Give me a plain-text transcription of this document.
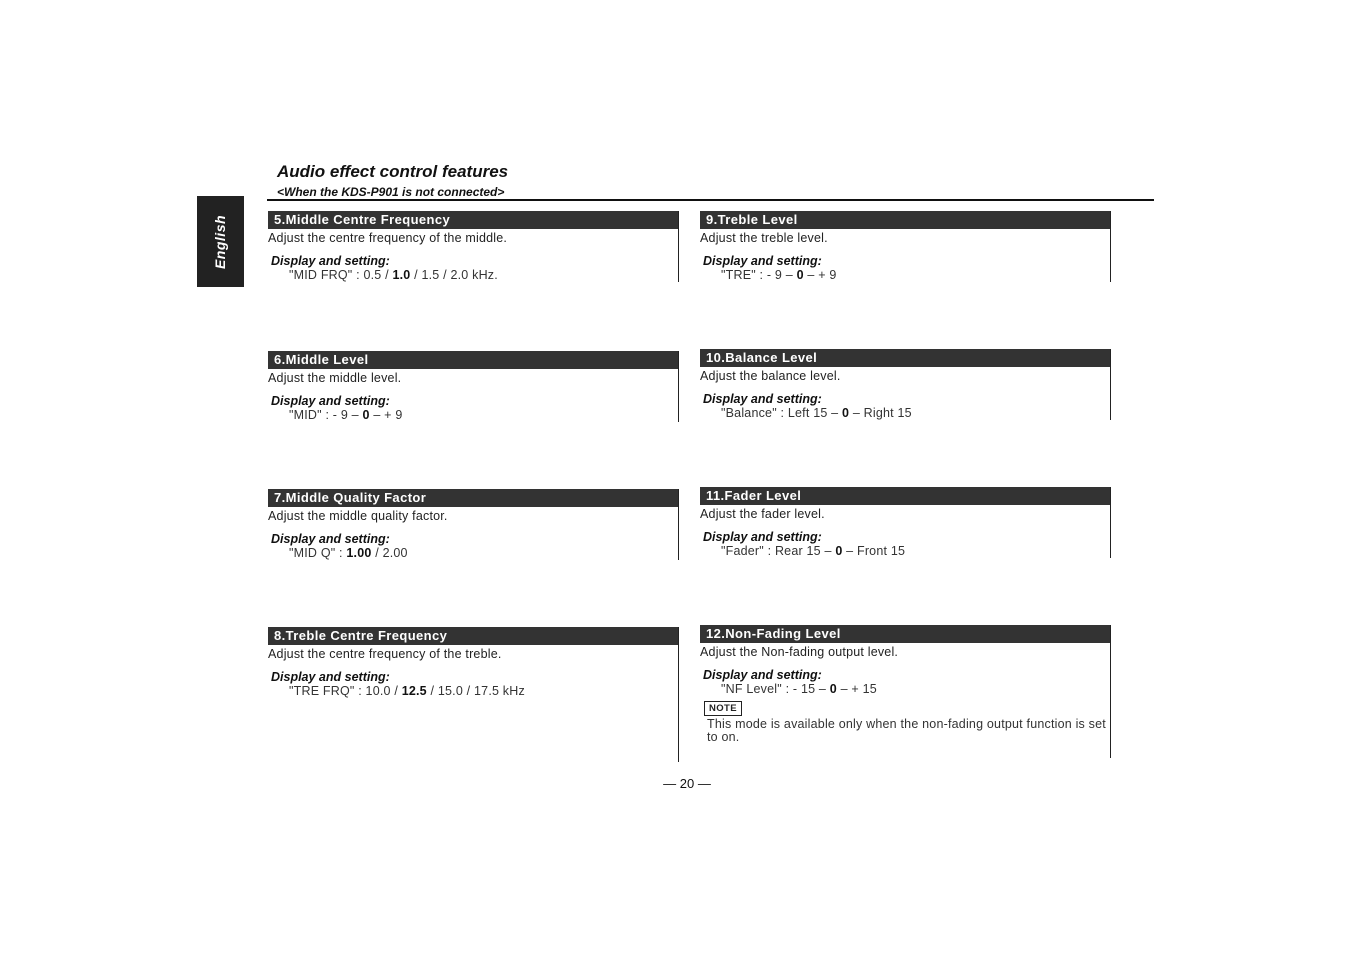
English
Audio effect control features
<When the KDS-P901 is not connected>
5.Middle Centre Frequency
Adjust the centre frequency of the middle.
Display and setting:
"MID FRQ" : 0.5 / 1.0 / 1.5 / 2.0 kHz.
6.Middle Level
Adjust the middle level.
Display and setting:
"MID" : - 9 – 0 – + 9
7.Middle Quality Factor
Adjust the middle quality factor.
Display and setting:
"MID Q" : 1.00 / 2.00
8.Treble Centre Frequency
Adjust the centre frequency of the treble.
Display and setting:
"TRE FRQ" : 10.0 / 12.5 / 15.0 / 17.5 kHz
9.Treble Level
Adjust the treble level.
Display and setting:
"TRE" : - 9 – 0 – + 9
10.Balance Level
Adjust the balance level.
Display and setting:
"Balance" : Left 15 – 0 – Right 15
11.Fader Level
Adjust the fader level.
Display and setting:
"Fader" : Rear 15 – 0 – Front 15
12.Non-Fading Level
Adjust the Non-fading output level.
Display and setting:
"NF Level" : - 15 – 0 – + 15
NOTE
This mode is available only when the non-fading output function is set to on.
— 20 —
